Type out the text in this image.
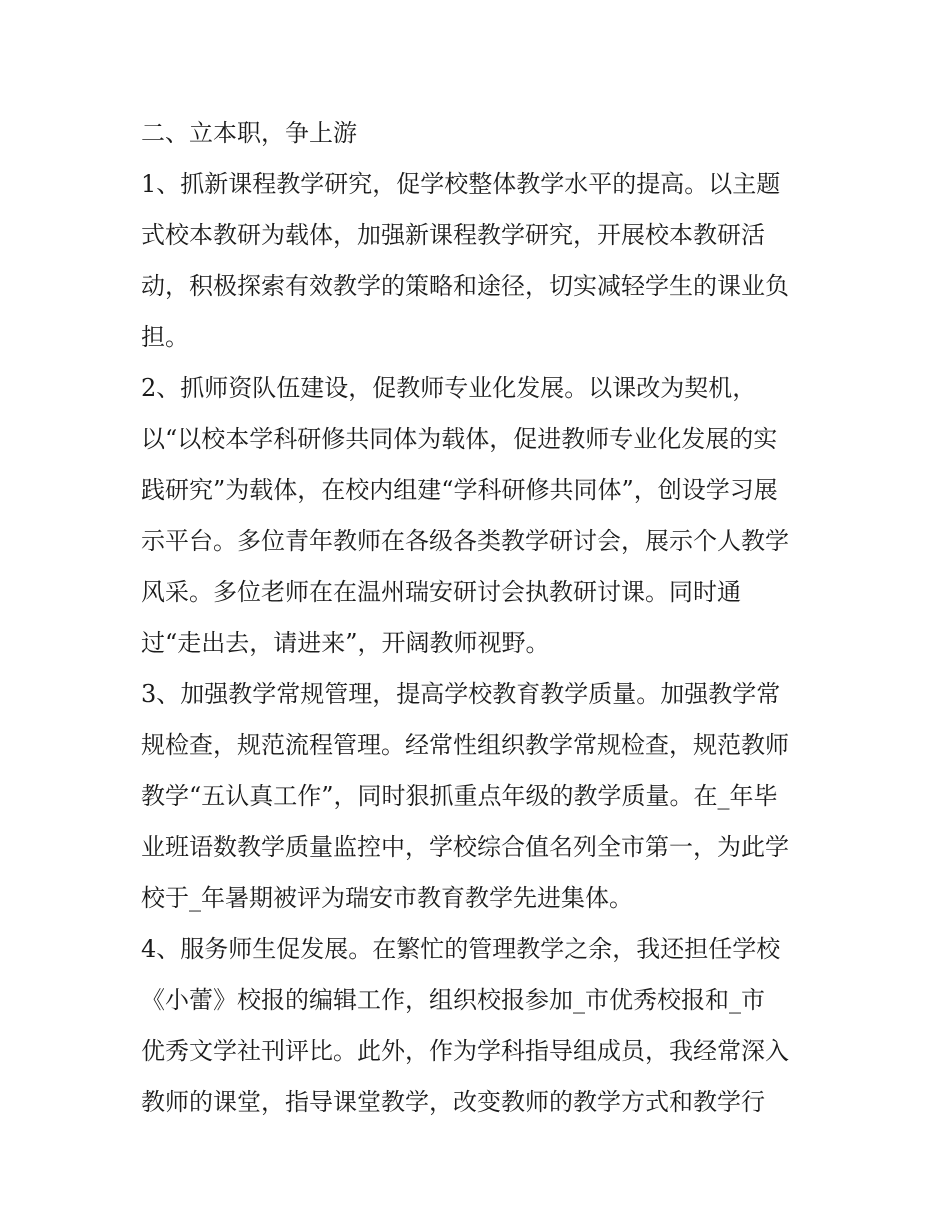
二、立本职，争上游
1、抓新课程教学研究，促学校整体教学水平的提高。以主题
式校本教研为载体，加强新课程教学研究，开展校本教研活
动，积极探索有效教学的策略和途径，切实减轻学生的课业负
担。
2、抓师资队伍建设，促教师专业化发展。以课改为契机，
以“以校本学科研修共同体为载体，促进教师专业化发展的实
践研究”为载体，在校内组建“学科研修共同体”，创设学习展
示平台。多位青年教师在各级各类教学研讨会，展示个人教学
风采。多位老师在在温州瑞安研讨会执教研讨课。同时通
过“走出去，请进来”，开阔教师视野。
3、加强教学常规管理，提高学校教育教学质量。加强教学常
规检查，规范流程管理。经常性组织教学常规检查，规范教师
教学“五认真工作”，同时狠抓重点年级的教学质量。在_年毕
业班语数教学质量监控中，学校综合值名列全市第一，为此学
校于_年暑期被评为瑞安市教育教学先进集体。
4、服务师生促发展。在繁忙的管理教学之余，我还担任学校
《小蕾》校报的编辑工作，组织校报参加_市优秀校报和_市
优秀文学社刊评比。此外，作为学科指导组成员，我经常深入
教师的课堂，指导课堂教学，改变教师的教学方式和教学行
